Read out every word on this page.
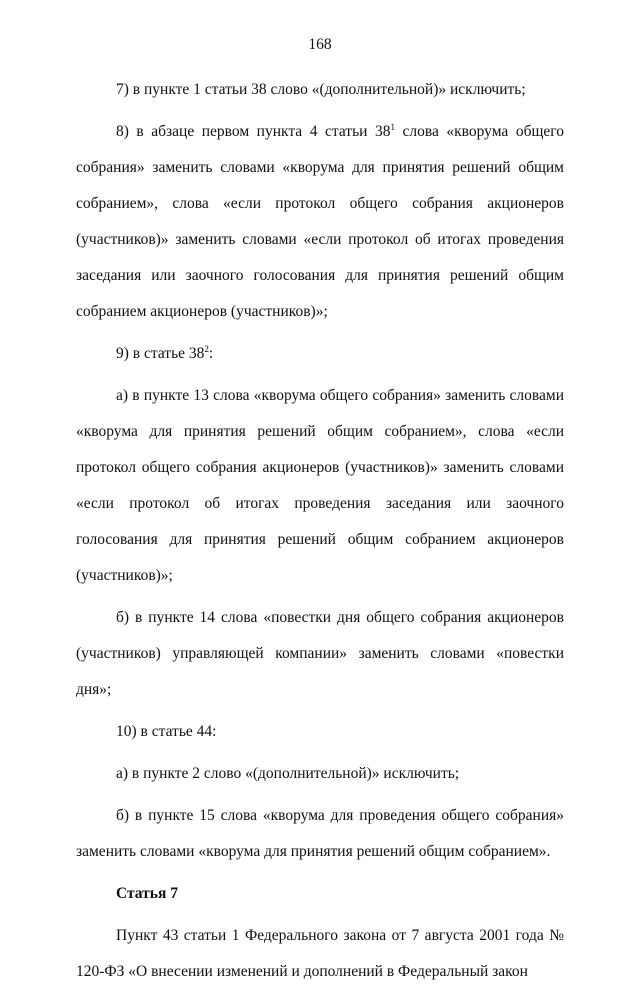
168

7) в пункте 1 статьи 38 слово «(дополнительной)» исключить;

8) в абзаце первом пункта 4 статьи $38^1$ слова «кворума общего собрания» заменить словами «кворума для принятия решений общим собранием», слова «если протокол общего собрания акционеров (участников)» заменить словами «если протокол об итогах проведения заседания или заочного голосования для принятия решений общим собранием акционеров (участников)»;

9) в статье $38^2$:

а) в пункте 13 слова «кворума общего собрания» заменить словами «кворума для принятия решений общим собранием», слова «если протокол общего собрания акционеров (участников)» заменить словами «если протокол об итогах проведения заседания или заочного голосования для принятия решений общим собранием акционеров (участников)»;

б) в пункте 14 слова «повестки дня общего собрания акционеров (участников) управляющей компании» заменить словами «повестки дня»;

10) в статье 44:

а) в пункте 2 слово «(дополнительной)» исключить;

б) в пункте 15 слова «кворума для проведения общего собрания» заменить словами «кворума для принятия решений общим собранием».

Статья 7

Пункт 43 статьи 1 Федерального закона от 7 августа 2001 года № 120-ФЗ «О внесении изменений и дополнений в Федеральный закон
